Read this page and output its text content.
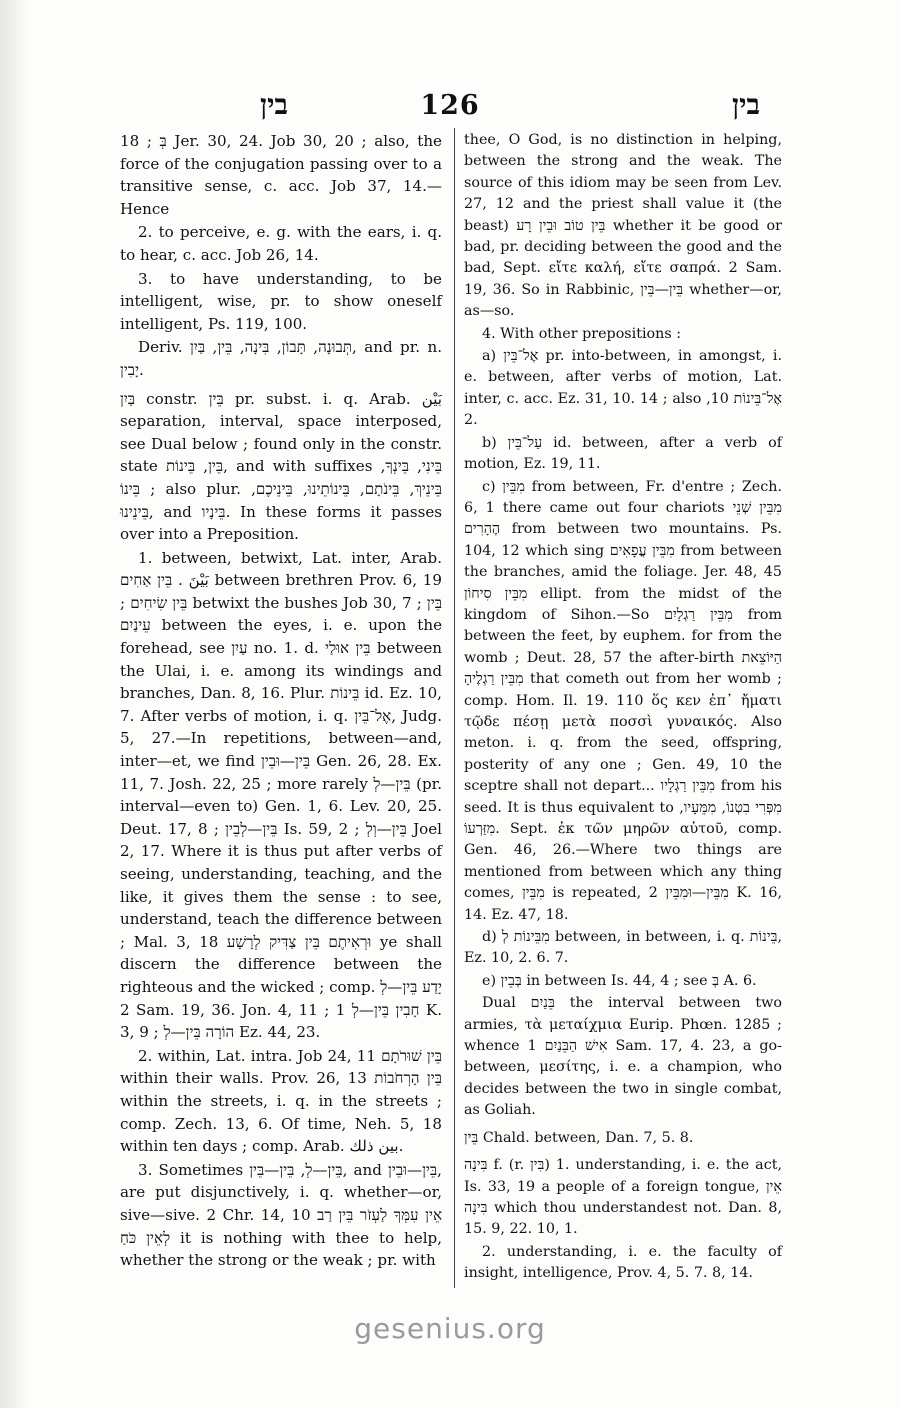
בין	126	בין

18 ; בְּ Jer. 30, 24. Job 30, 20 ; also, the force of the conjugation passing over to a transitive sense, c. acc. Job 37, 14.—Hence

2. to perceive, e. g. with the ears, i. q. to hear, c. acc. Job 26, 14.

3. to have understanding, to be intelligent, wise, pr. to show oneself intelligent, Ps. 119, 100.

Deriv. תְּבוּנָה, תָּבוֹן, בִּינָה, בֵּין, בַּיִן, and pr. n. יָבִין.

בַּיִן constr. בֵּין pr. subst. i. q. Arab. بَيْن separation, interval, space interposed, see Dual below ; found only in the constr. state בֵּין, בֵּינוֹת, and with suffixes בֵּינִי, בֵּינְךָ, בֵּינוֹ ; also plur. בֵּינֵיךְ, בֵּינֹתָם, בֵּינוֹתֵינוּ, בֵּינֵיכֶם, בֵּינֵינוּ, and בֵּינָיו. In these forms it passes over into a Preposition.

1. between, betwixt, Lat. inter, Arab. بَيْنَ . בֵּין אַחִים between brethren Prov. 6, 19 ; בֵּין שִׂיחִים betwixt the bushes Job 30, 7 ; בֵּין עֵינַיִם between the eyes, i. e. upon the forehead, see עַיִן no. 1. d. בֵּין אוּלַי between the Ulai, i. e. among its windings and branches, Dan. 8, 16. Plur. בֵּינוֹת id. Ez. 10, 7. After verbs of motion, i. q. אֶל־בֵּין, Judg. 5, 27.—In repetitions, between—and, inter—et, we find בֵּין—וּבֵין Gen. 26, 28. Ex. 11, 7. Josh. 22, 25 ; more rarely בֵּין—לְ (pr. interval—even to) Gen. 1, 6. Lev. 20, 25. Deut. 17, 8 ; בֵּין—לְבֵין Is. 59, 2 ; בֵּין—וְלְ Joel 2, 17. Where it is thus put after verbs of seeing, understanding, teaching, and the like, it gives them the sense : to see, understand, teach the difference between ; Mal. 3, 18 וּרְאִיתֶם בֵּין צַדִּיק לְרָשָׁע ye shall discern the difference between the righteous and the wicked ; comp. יָדַע בֵּין—לְ 2 Sam. 19, 36. Jon. 4, 11 ; חָבִין בֵּין—לְ 1 K. 3, 9 ; הוֹרָה בֵּין—לְ Ez. 44, 23.

2. within, Lat. intra. Job 24, 11 בֵּין שׁוּרֹתָם within their walls. Prov. 26, 13 בֵּין הָרְחֹבוֹת within the streets, i. q. in the streets ; comp. Zech. 13, 6. Of time, Neh. 5, 18 within ten days ; comp. Arab. بين ذلك.

3. Sometimes בֵּין—לְ, בֵּין—בֵּין, and בֵּין—וּבֵין, are put disjunctively, i. q. whether—or, sive—sive. 2 Chr. 14, 10 אֵין עִמְּךָ לַעְזֹר בֵּין רַב לְאֵין כֹּחַ it is nothing with thee to help, whether the strong or the weak ; pr. with

thee, O God, is no distinction in helping, between the strong and the weak. The source of this idiom may be seen from Lev. 27, 12 and the priest shall value it (the beast) בֵּין טוֹב וּבֵין רָע whether it be good or bad, pr. deciding between the good and the bad, Sept. εἴτε καλή, εἴτε σαπρά. 2 Sam. 19, 36. So in Rabbinic, בֵּין—בֵּין whether—or, as—so.

4. With other prepositions :

a) אֶל־בֵּין pr. into-between, in amongst, i. e. between, after verbs of motion, Lat. inter, c. acc. Ez. 31, 10. 14 ; also אֶל־בֵּינוֹת 10, 2.

b) עַל־בֵּין id. between, after a verb of motion, Ez. 19, 11.

c) מִבֵּין from between, Fr. d'entre ; Zech. 6, 1 there came out four chariots מִבֵּין שְׁנֵי הֶהָרִים from between two mountains. Ps. 104, 12 which sing מִבֵּין עֳפָאִים from between the branches, amid the foliage. Jer. 48, 45 מִבֵּין סִיחוֹן ellipt. from the midst of the kingdom of Sihon.—So מִבֵּין רַגְלָיִם from between the feet, by euphem. for from the womb ; Deut. 28, 57 the after-birth הַיּוֹצֵאת מִבֵּין רַגְלֶיהָ that cometh out from her womb ; comp. Hom. Il. 19. 110 ὅς κεν ἐπ᾽ ἤματι τῷδε πέσῃ μετὰ ποσσὶ γυναικός. Also meton. i. q. from the seed, offspring, posterity of any one ; Gen. 49, 10 the sceptre shall not depart... מִבֵּין רַגְלָיו from his seed. It is thus equivalent to מִפְּרִי בִטְנוֹ, מִמֵּעָיו, מִזַּרְעוֹ. Sept. ἐκ τῶν μηρῶν αὐτοῦ, comp. Gen. 46, 26.—Where two things are mentioned from between which any thing comes, מִבֵּין is repeated, מִבֵּין—וּמִבֵּין 2 K. 16, 14. Ez. 47, 18.

d) מִבֵּינוֹת לְ between, in between, i. q. בֵּינוֹת, Ez. 10, 2. 6. 7.

e) בְּבֵין in between Is. 44, 4 ; see בְּ A. 6.

Dual בֵּנַיִם the interval between two armies, τὰ μεταίχμια Eurip. Phœn. 1285 ; whence אִישׁ הַבֵּנַיִם 1 Sam. 17, 4. 23, a go-between, μεσίτης, i. e. a champion, who decides between the two in single combat, as Goliah.

בֵּין Chald. between, Dan. 7, 5. 8.

בִּינָה f. (r. בִּין) 1. understanding, i. e. the act, Is. 33, 19 a people of a foreign tongue, אֵין בִּינָה which thou understandest not. Dan. 8, 15. 9, 22. 10, 1.

2. understanding, i. e. the faculty of insight, intelligence, Prov. 4, 5. 7. 8, 14.

gesenius.org
